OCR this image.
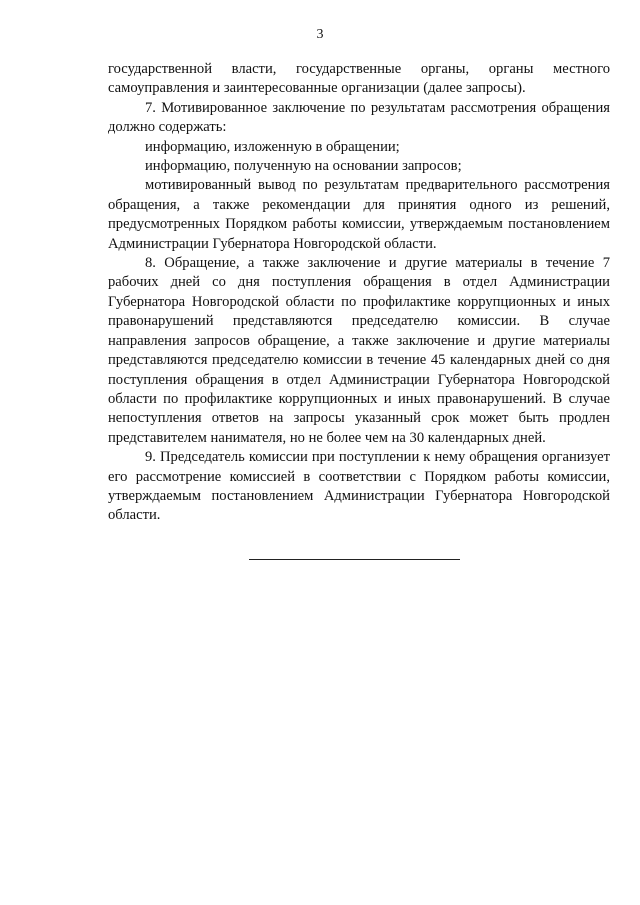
3

государственной власти, государственные органы, органы местного самоуправления и заинтересованные организации (далее запросы).

7. Мотивированное заключение по результатам рассмотрения обращения должно содержать:

информацию, изложенную в обращении;

информацию, полученную на основании запросов;

мотивированный вывод по результатам предварительного рассмотрения обращения, а также рекомендации для принятия одного из решений, предусмотренных Порядком работы комиссии, утверждаемым постановлением Администрации Губернатора Новгородской области.

8. Обращение, а также заключение и другие материалы в течение 7 рабочих дней со дня поступления обращения в отдел Администрации Губернатора Новгородской области по профилактике коррупционных и иных правонарушений представляются председателю комиссии. В случае направления запросов обращение, а также заключение и другие материалы представляются председателю комиссии в течение 45 календарных дней со дня поступления обращения в отдел Администрации Губернатора Новгородской области по профилактике коррупционных и иных правонарушений. В случае непоступления ответов на запросы указанный срок может быть продлен представителем нанимателя, но не более чем на 30 календарных дней.

9. Председатель комиссии при поступлении к нему обращения организует его рассмотрение комиссией в соответствии с Порядком работы комиссии, утверждаемым постановлением Администрации Губернатора Новгородской области.
